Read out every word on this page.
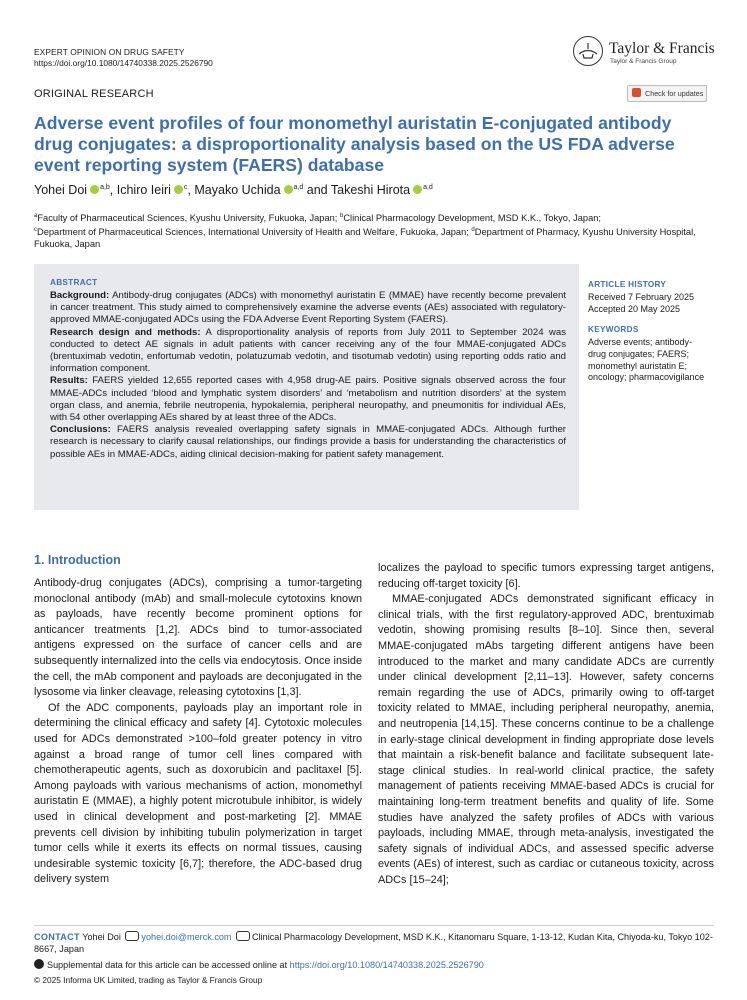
EXPERT OPINION ON DRUG SAFETY
https://doi.org/10.1080/14740338.2025.2526790
Taylor & Francis
Taylor & Francis Group
ORIGINAL RESEARCH	Check for updates
Adverse event profiles of four monomethyl auristatin E-conjugated antibody drug conjugates: a disproportionality analysis based on the US FDA adverse event reporting system (FAERS) database
Yohei Doi $^{a,b}$, Ichiro Ieiri $^c$, Mayako Uchida $^{a,d}$ and Takeshi Hirota $^{a,d}$
$^a$Faculty of Pharmaceutical Sciences, Kyushu University, Fukuoka, Japan; $^b$Clinical Pharmacology Development, MSD K.K., Tokyo, Japan;
$^c$Department of Pharmaceutical Sciences, International University of Health and Welfare, Fukuoka, Japan; $^d$Department of Pharmacy, Kyushu University Hospital, Fukuoka, Japan
ABSTRACT
Background: Antibody-drug conjugates (ADCs) with monomethyl auristatin E (MMAE) have recently become prevalent in cancer treatment. This study aimed to comprehensively examine the adverse events (AEs) associated with regulatory-approved MMAE-conjugated ADCs using the FDA Adverse Event Reporting System (FAERS).
Research design and methods: A disproportionality analysis of reports from July 2011 to September 2024 was conducted to detect AE signals in adult patients with cancer receiving any of the four MMAE-conjugated ADCs (brentuximab vedotin, enfortumab vedotin, polatuzumab vedotin, and tisotumab vedotin) using reporting odds ratio and information component.
Results: FAERS yielded 12,655 reported cases with 4,958 drug-AE pairs. Positive signals observed across the four MMAE-ADCs included ‘blood and lymphatic system disorders’ and ‘metabolism and nutrition disorders’ at the system organ class, and anemia, febrile neutropenia, hypokalemia, peripheral neuropathy, and pneumonitis for individual AEs, with 54 other overlapping AEs shared by at least three of the ADCs.
Conclusions: FAERS analysis revealed overlapping safety signals in MMAE-conjugated ADCs. Although further research is necessary to clarify causal relationships, our findings provide a basis for understanding the characteristics of possible AEs in MMAE-ADCs, aiding clinical decision-making for patient safety management.
ARTICLE HISTORY
Received 7 February 2025
Accepted 20 May 2025
KEYWORDS
Adverse events; antibody-drug conjugates; FAERS; monomethyl auristatin E; oncology; pharmacovigilance
1. Introduction

Antibody-drug conjugates (ADCs), comprising a tumor-targeting monoclonal antibody (mAb) and small-molecule cytotoxins known as payloads, have recently become prominent options for anticancer treatments [1,2]. ADCs bind to tumor-associated antigens expressed on the surface of cancer cells and are subsequently internalized into the cells via endocytosis. Once inside the cell, the mAb component and payloads are deconjugated in the lysosome via linker cleavage, releasing cytotoxins [1,3].

Of the ADC components, payloads play an important role in determining the clinical efficacy and safety [4]. Cytotoxic molecules used for ADCs demonstrated >100–fold greater potency in vitro against a broad range of tumor cell lines compared with chemotherapeutic agents, such as doxorubicin and paclitaxel [5]. Among payloads with various mechanisms of action, monomethyl auristatin E (MMAE), a highly potent microtubule inhibitor, is widely used in clinical development and post-marketing [2]. MMAE prevents cell division by inhibiting tubulin polymerization in target tumor cells while it exerts its effects on normal tissues, causing undesirable systemic toxicity [6,7]; therefore, the ADC-based drug delivery system

localizes the payload to specific tumors expressing target antigens, reducing off-target toxicity [6].

MMAE-conjugated ADCs demonstrated significant efficacy in clinical trials, with the first regulatory-approved ADC, brentuximab vedotin, showing promising results [8–10]. Since then, several MMAE-conjugated mAbs targeting different antigens have been introduced to the market and many candidate ADCs are currently under clinical development [2,11–13]. However, safety concerns remain regarding the use of ADCs, primarily owing to off-target toxicity related to MMAE, including peripheral neuropathy, anemia, and neutropenia [14,15]. These concerns continue to be a challenge in early-stage clinical development in finding appropriate dose levels that maintain a risk-benefit balance and facilitate subsequent late-stage clinical studies. In real-world clinical practice, the safety management of patients receiving MMAE-based ADCs is crucial for maintaining long-term treatment benefits and quality of life. Some studies have analyzed the safety profiles of ADCs with various payloads, including MMAE, through meta-analysis, investigated the safety signals of individual ADCs, and assessed specific adverse events (AEs) of interest, such as cardiac or cutaneous toxicity, across ADCs [15–24];

CONTACT Yohei Doi yohei.doi@merck.com Clinical Pharmacology Development, MSD K.K., Kitanomaru Square, 1-13-12, Kudan Kita, Chiyoda-ku, Tokyo 102-8667, Japan
Supplemental data for this article can be accessed online at https://doi.org/10.1080/14740338.2025.2526790
© 2025 Informa UK Limited, trading as Taylor & Francis Group
